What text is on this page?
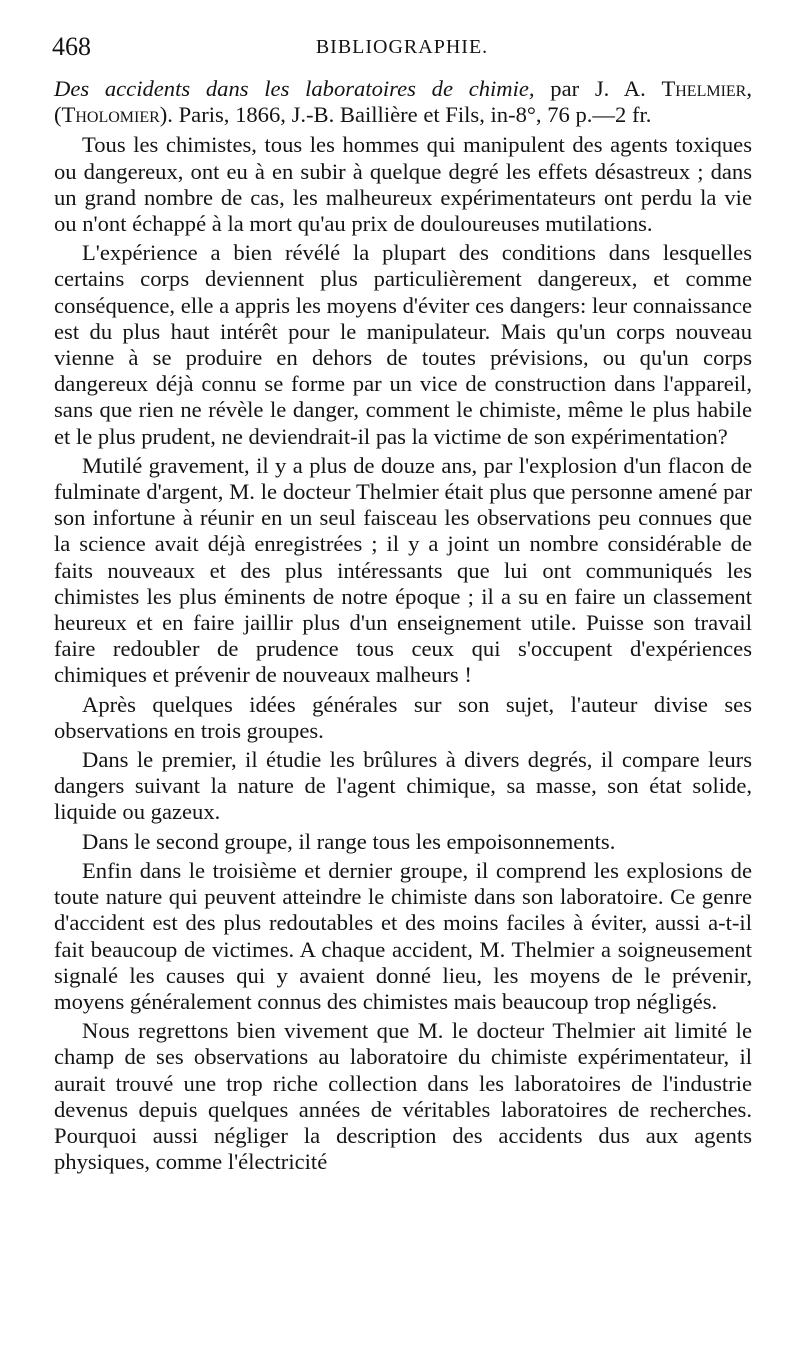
468	BIBLIOGRAPHIE.

Des accidents dans les laboratoires de chimie, par J. A. Thelmier, (Tholomier). Paris, 1866, J.-B. Baillière et Fils, in-8°, 76 p.—2 fr.

Tous les chimistes, tous les hommes qui manipulent des agents toxiques ou dangereux, ont eu à en subir à quelque degré les effets désastreux ; dans un grand nombre de cas, les malheureux expérimentateurs ont perdu la vie ou n'ont échappé à la mort qu'au prix de douloureuses mutilations.

L'expérience a bien révélé la plupart des conditions dans lesquelles certains corps deviennent plus particulièrement dangereux, et comme conséquence, elle a appris les moyens d'éviter ces dangers: leur connaissance est du plus haut intérêt pour le manipulateur. Mais qu'un corps nouveau vienne à se produire en dehors de toutes prévisions, ou qu'un corps dangereux déjà connu se forme par un vice de construction dans l'appareil, sans que rien ne révèle le danger, comment le chimiste, même le plus habile et le plus prudent, ne deviendrait-il pas la victime de son expérimentation?

Mutilé gravement, il y a plus de douze ans, par l'explosion d'un flacon de fulminate d'argent, M. le docteur Thelmier était plus que personne amené par son infortune à réunir en un seul faisceau les observations peu connues que la science avait déjà enregistrées ; il y a joint un nombre considérable de faits nouveaux et des plus intéressants que lui ont communiqués les chimistes les plus éminents de notre époque ; il a su en faire un classement heureux et en faire jaillir plus d'un enseignement utile. Puisse son travail faire redoubler de prudence tous ceux qui s'occupent d'expériences chimiques et prévenir de nouveaux malheurs !

Après quelques idées générales sur son sujet, l'auteur divise ses observations en trois groupes.

Dans le premier, il étudie les brûlures à divers degrés, il compare leurs dangers suivant la nature de l'agent chimique, sa masse, son état solide, liquide ou gazeux.

Dans le second groupe, il range tous les empoisonnements.

Enfin dans le troisième et dernier groupe, il comprend les explosions de toute nature qui peuvent atteindre le chimiste dans son laboratoire. Ce genre d'accident est des plus redoutables et des moins faciles à éviter, aussi a-t-il fait beaucoup de victimes. A chaque accident, M. Thelmier a soigneusement signalé les causes qui y avaient donné lieu, les moyens de le prévenir, moyens généralement connus des chimistes mais beaucoup trop négligés.

Nous regrettons bien vivement que M. le docteur Thelmier ait limité le champ de ses observations au laboratoire du chimiste expérimentateur, il aurait trouvé une trop riche collection dans les laboratoires de l'industrie devenus depuis quelques années de véritables laboratoires de recherches. Pourquoi aussi négliger la description des accidents dus aux agents physiques, comme l'électricité
